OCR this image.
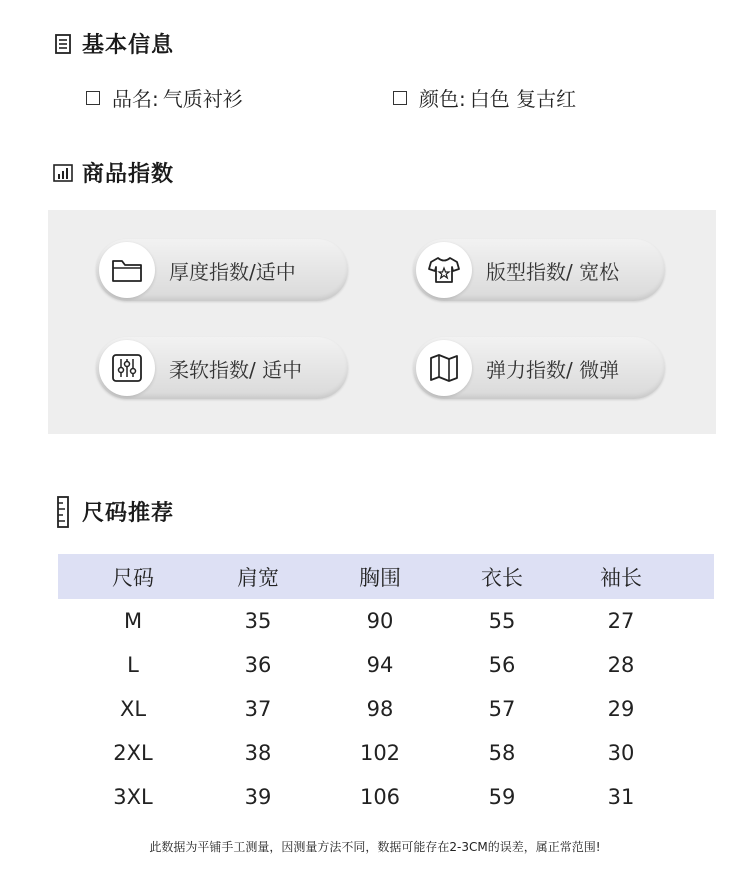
基本信息
品名: 气质衬衫	颜色: 白色 复古红
商品指数
厚度指数/适中	版型指数/ 宽松
柔软指数/ 适中	弹力指数/ 微弹
尺码推荐
尺码	肩宽	胸围	衣长	袖长
M	35	90	55	27
L	36	94	56	28
XL	37	98	57	29
2XL	38	102	58	30
3XL	39	106	59	31
此数据为平铺手工测量，因测量方法不同，数据可能存在2-3CM的误差，属正常范围!
